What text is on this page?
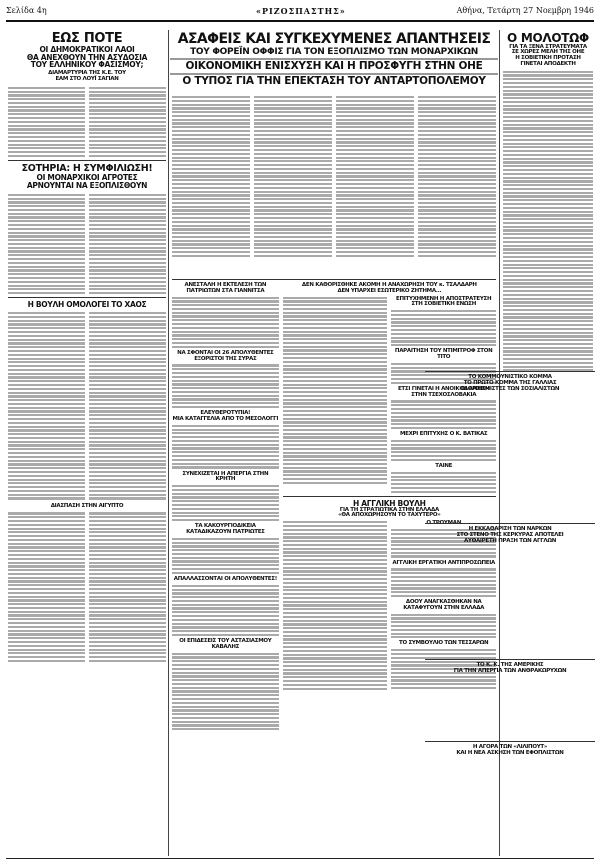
Σελίδα 4η	«ΡΙΖΟΣΠΑΣΤΗΣ»	Αθήνα, Τετάρτη 27 Νοεμβρη 1946
ΕΩΣ ΠΟΤΕ
ΟΙ ΔΗΜΟΚΡΑΤΙΚΟΙ ΛΑΟΙ
ΘΑ ΑΝΕΧΘΟΥΝ ΤΗΝ ΑΣΥΔΟΣΙΑ
ΤΟΥ ΕΛΛΗΝΙΚΟΥ ΦΑΣΙΣΜΟΥ;
ΔΙΑΜΑΡΤΥΡΙΑ ΤΗΣ Κ.Ε. ΤΟΥ
ΕΑΜ ΣΤΟ ΛΟΥΪ ΣΑΓΙΑΝ
ΣΟΤΗΡΙΑ: Η ΣΥΜΦΙΛΙΩΣΗ!
ΟΙ ΜΟΝΑΡΧΙΚΟΙ ΑΓΡΟΤΕΣ
ΑΡΝΟΥΝΤΑΙ ΝΑ ΕΞΟΠΛΙΣΘΟΥΝ
Η ΒΟΥΛΗ ΟΜΟΛΟΓΕΙ ΤΟ ΧΑΟΣ
ΔΙΑΣΠΑΣΗ ΣΤΗΝ ΑΙΓΥΠΤΟ
ΑΣΑΦΕΙΣ ΚΑΙ ΣΥΓΚΕΧΥΜΕΝΕΣ ΑΠΑΝΤΗΣΕΙΣ
ΤΟΥ ΦΟΡΕΪΝ ΟΦΦΙΣ ΓΙΑ ΤΟΝ ΕΞΟΠΛΙΣΜΟ ΤΩΝ ΜΟΝΑΡΧΙΚΩΝ
ΟΙΚΟΝΟΜΙΚΗ ΕΝΙΣΧΥΣΗ ΚΑΙ Η ΠΡΟΣΦΥΓΗ ΣΤΗΝ ΟΗΕ
Ο ΤΥΠΟΣ ΓΙΑ ΤΗΝ ΕΠΕΚΤΑΣΗ ΤΟΥ ΑΝΤΑΡΤΟΠΟΛΕΜΟΥ
ΑΝΕΣΤΑΛΗ Η ΕΚΤΕΛΕΣΗ ΤΩΝ ΠΑΤΡΙΩΤΩΝ ΣΤΑ ΓΙΑΝΝΙΤΣΑ
ΝΑ ΣΦΟΝΤΑΙ ΟΙ 26 ΑΠΟΛΥΘΕΝΤΕΣ ΕΞΟΡΙΣΤΟΙ ΤΗΣ ΣΥΡΑΣ
ΕΛΕΥΘΕΡΟΤΥΠΙΑ!
ΜΙΑ ΚΑΤΑΓΓΕΛΙΑ ΑΠΟ ΤΟ ΜΕΣΟΛΟΓΓΙ
ΣΥΝΕΧΙΖΕΤΑΙ Η ΑΠΕΡΓΙΑ ΣΤΗΝ ΚΡΗΤΗ
ΤΑ ΚΑΚΟΥΡΓΙΟΔΙΚΕΙΑ ΚΑΤΑΔΙΚΑΖΟΥΝ ΠΑΤΡΙΩΤΕΣ
ΑΠΑΛΛΑΣΣΟΝΤΑΙ ΟΙ ΑΠΟΛΥΘΕΝΤΕΣ!
ΟΙ ΕΠΙΔΕΣΕΙΣ ΤΟΥ ΑΣΤΑΣΙΑΣΜΟΥ ΚΑΒΑΛΗΣ
ΔΕΝ ΚΑΘΟΡΙΣΘΗΚΕ ΑΚΟΜΗ Η ΑΝΑΧΩΡΗΣΗ ΤΟΥ κ. ΤΣΑΛΔΑΡΗ
ΔΕΝ ΥΠΑΡΧΕΙ ΕΣΩΤΕΡΙΚΟ ΖΗΤΗΜΑ...
ΕΠΙΤΥΧΗΜΕΝΗ Η ΑΠΟΣΤΡΑΤΕΥΣΗ ΣΤΗ ΣΟΒΙΕΤΙΚΗ ΕΝΩΣΗ
ΠΑΡΑΙΤΗΣΗ ΤΟΥ ΝΤΙΜΙΤΡΟΦ ΣΤΟΝ ΤΙΤΟ
ΕΤΣΙ ΓΙΝΕΤΑΙ Η ΑΝΟΙΚΟΔΟΜΗΣΗ ΣΤΗΝ ΤΣΕΧΟΣΛΟΒΑΚΙΑ
ΜΕΧΡΙ ΕΠΙΤΥΧΗΣ Ο Κ. ΒΑΤΙΚΑΣ
ΤΑΙΝΕ
Η ΑΓΓΛΙΚΗ ΒΟΥΛΗ
ΓΙΑ ΤΗ ΣΤΡΑΤΙΩΤΙΚΑ ΣΤΗΝ ΕΛΛΑΔΑ
«ΘΑ ΑΠΟΧΩΡΗΣΟΥΝ ΤΟ ΤΑΧΥΤΕΡΟ»
Ο ΤΡΟΥΜΑΝ
ΑΓΓΛΙΚΗ ΕΡΓΑΤΙΚΗ ΑΝΤΙΠΡΟΣΩΠΕΙΑ
ΔΟΟΥ ΑΝΑΓΚΑΣΘΗΚΑΝ ΝΑ ΚΑΤΑΦΥΓΟΥΝ ΣΤΗΝ ΕΛΛΑΔΑ
ΤΟ ΣΥΜΒΟΥΛΙΟ ΤΩΝ ΤΕΣΣΑΡΩΝ
Ο ΜΟΛΟΤΩΦ
ΓΙΑ ΤΑ ΞΕΝΑ ΣΤΡΑΤΕΥΜΑΤΑ
ΣΕ ΧΩΡΕΣ ΜΕΛΗ ΤΗΣ ΟΗΕ
Η ΣΟΒΙΕΤΙΚΗ ΠΡΟΤΑΣΗ
ΓΙΝΕΤΑΙ ΑΠΟΔΕΚΤΗ
ΤΟ ΚΟΜΜΟΥΝΙΣΤΙΚΟ ΚΟΜΜΑ
ΤΟ ΠΡΩΤΟ ΚΟΜΜΑ ΤΗΣ ΓΑΛΛΙΑΣ
ΟΙ ΑΛΧΗΜΙΣΤΕΣ ΤΩΝ ΣΟΣΙΑΛΙΣΤΩΝ
Η ΕΚΚΑΘΑΡΙΣΗ ΤΩΝ ΝΑΡΚΩΝ
ΣΤΟ ΣΤΕΝΟ ΤΗΣ ΚΕΡΚΥΡΑΣ ΑΠΟΤΕΛΕΙ
ΑΥΘΑΙΡΕΤΗ ΠΡΑΞΗ ΤΩΝ ΑΓΓΛΩΝ
ΤΟ Κ. Κ. ΤΗΣ ΑΜΕΡΙΚΗΣ
ΓΙΑ ΤΗΝ ΑΠΕΡΓΙΑ ΤΩΝ ΑΝΘΡΑΚΩΡΥΧΩΝ
Η ΑΓΟΡΑ ΤΩΝ «ΛΙΛΙΠΟΥΤ»
ΚΑΙ Η ΝΕΑ ΑΣΚΗΣΗ ΤΩΝ ΕΦΟΠΛΙΣΤΩΝ
